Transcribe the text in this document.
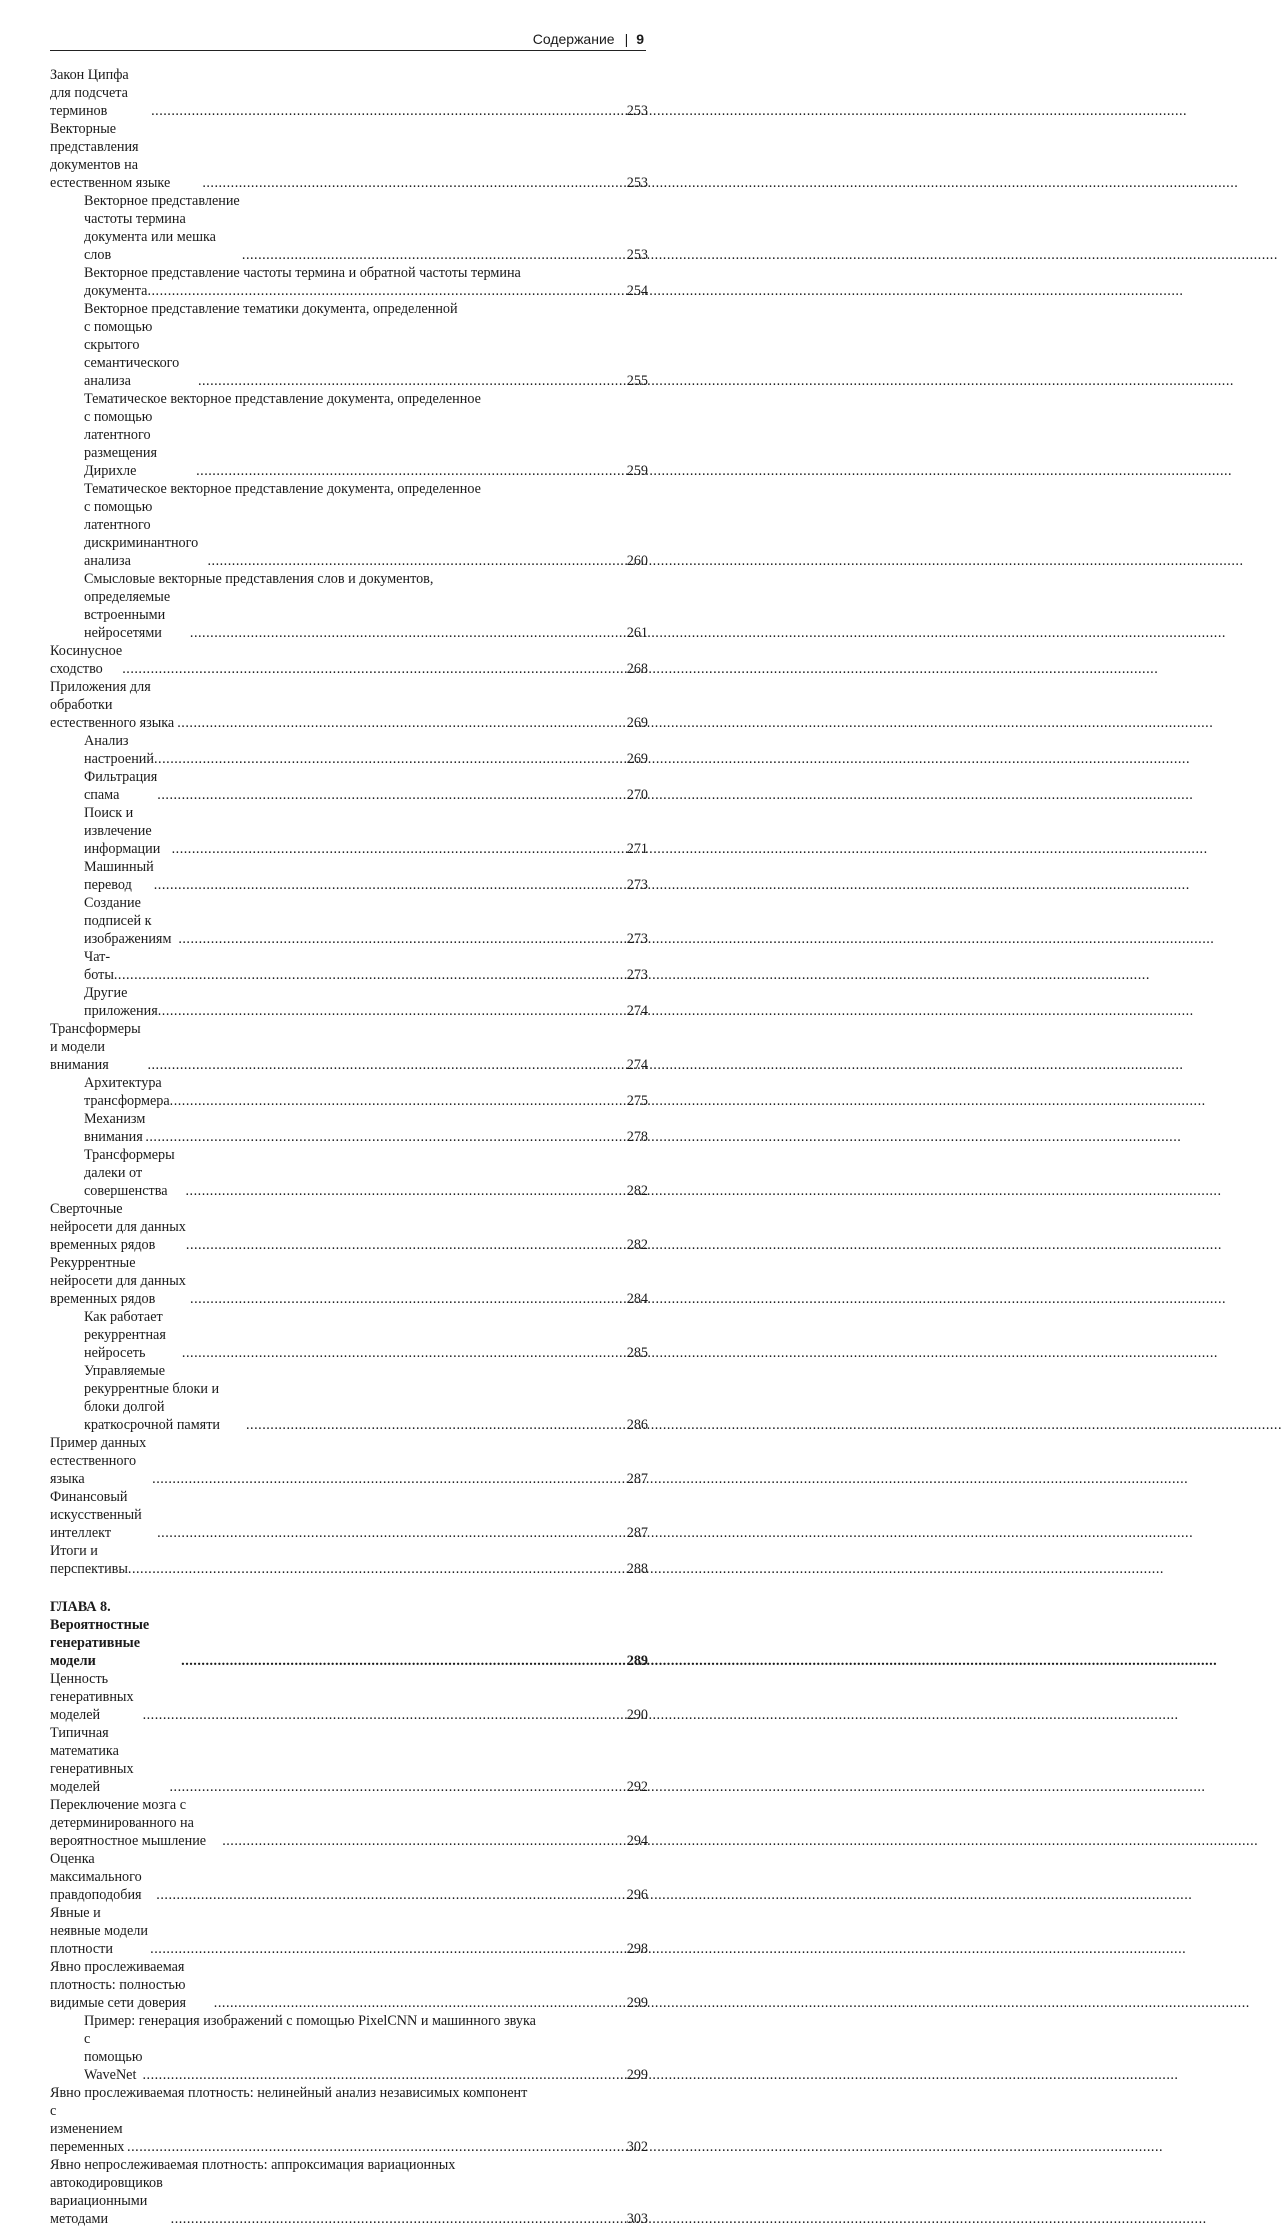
Содержание | 9
Закон Ципфа для подсчета терминов .....	253
Векторные представления документов на естественном языке .....	253
Векторное представление частоты термина документа или мешка слов .....	253
Векторное представление частоты термина и обратной частоты термина
документа .....	254
Векторное представление тематики документа, определенной
с помощью скрытого семантического анализа .....	255
Тематическое векторное представление документа, определенное
с помощью латентного размещения Дирихле .....	259
Тематическое векторное представление документа, определенное
с помощью латентного дискриминантного анализа .....	260
Смысловые векторные представления слов и документов,
определяемые встроенными нейросетями .....	261
Косинусное сходство .....	268
Приложения для обработки естественного языка .....	269
Анализ настроений .....	269
Фильтрация спама .....	270
Поиск и извлечение информации .....	271
Машинный перевод .....	273
Создание подписей к изображениям .....	273
Чат-боты .....	273
Другие приложения .....	274
Трансформеры и модели внимания .....	274
Архитектура трансформера .....	275
Механизм внимания .....	278
Трансформеры далеки от совершенства .....	282
Сверточные нейросети для данных временных рядов .....	282
Рекуррентные нейросети для данных временных рядов .....	284
Как работает рекуррентная нейросеть .....	285
Управляемые рекуррентные блоки и блоки долгой краткосрочной памяти .....	286
Пример данных естественного языка .....	287
Финансовый искусственный интеллект .....	287
Итоги и перспективы .....	288
ГЛАВА 8. Вероятностные генеративные модели .....	289
Ценность генеративных моделей .....	290
Типичная математика генеративных моделей .....	292
Переключение мозга с детерминированного на вероятностное мышление .....	294
Оценка максимального правдоподобия .....	296
Явные и неявные модели плотности .....	298
Явно прослеживаемая плотность: полностью видимые сети доверия .....	299
Пример: генерация изображений с помощью PixelCNN и машинного звука
с помощью WaveNet .....	299
Явно прослеживаемая плотность: нелинейный анализ независимых компонент
с изменением переменных .....	302
Явно непрослеживаемая плотность: аппроксимация вариационных
автокодировщиков вариационными методами .....	303
